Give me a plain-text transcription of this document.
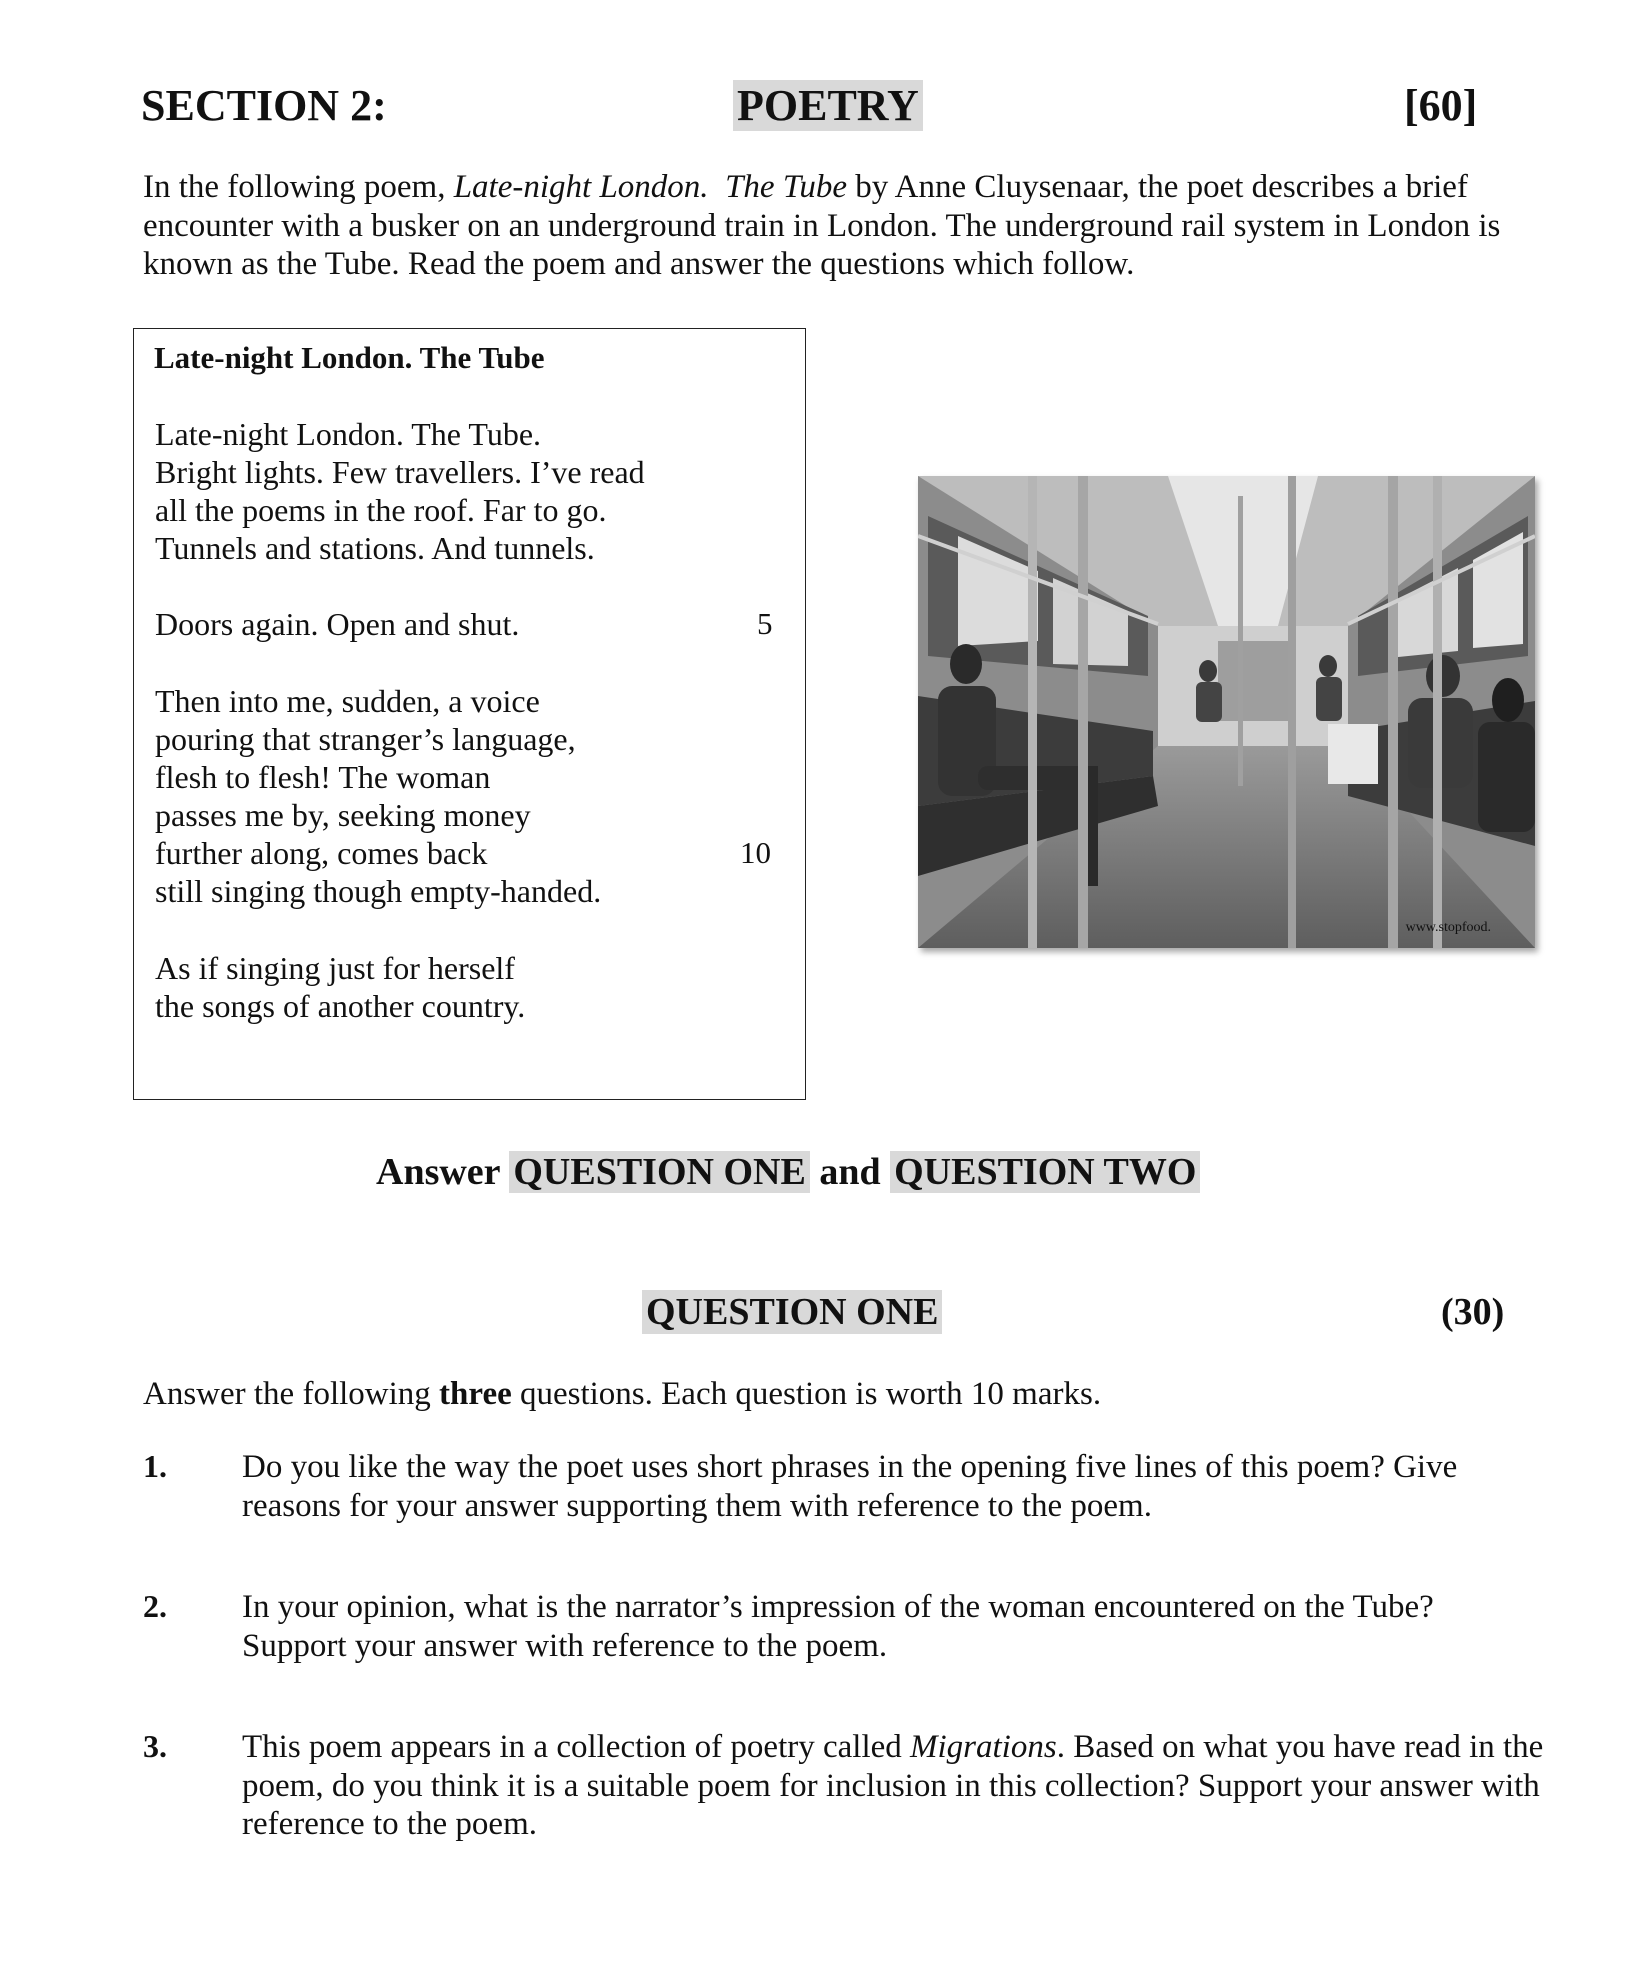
SECTION 2:	POETRY	[60]
In the following poem, Late-night London. The Tube by Anne Cluysenaar, the poet describes a brief encounter with a busker on an underground train in London. The underground rail system in London is known as the Tube. Read the poem and answer the questions which follow.
Late-night London. The Tube
Late-night London. The Tube.
Bright lights. Few travellers. I’ve read
all the poems in the roof. Far to go.
Tunnels and stations. And tunnels.
Doors again. Open and shut.	5
Then into me, sudden, a voice
pouring that stranger’s language,
flesh to flesh! The woman
passes me by, seeking money
further along, comes back	10
still singing though empty-handed.
As if singing just for herself
the songs of another country.
www.stopfood.
Answer QUESTION ONE and QUESTION TWO
QUESTION ONE	(30)
Answer the following three questions. Each question is worth 10 marks.
1. Do you like the way the poet uses short phrases in the opening five lines of this poem? Give reasons for your answer supporting them with reference to the poem.
2. In your opinion, what is the narrator’s impression of the woman encountered on the Tube? Support your answer with reference to the poem.
3. This poem appears in a collection of poetry called Migrations. Based on what you have read in the poem, do you think it is a suitable poem for inclusion in this collection? Support your answer with reference to the poem.
